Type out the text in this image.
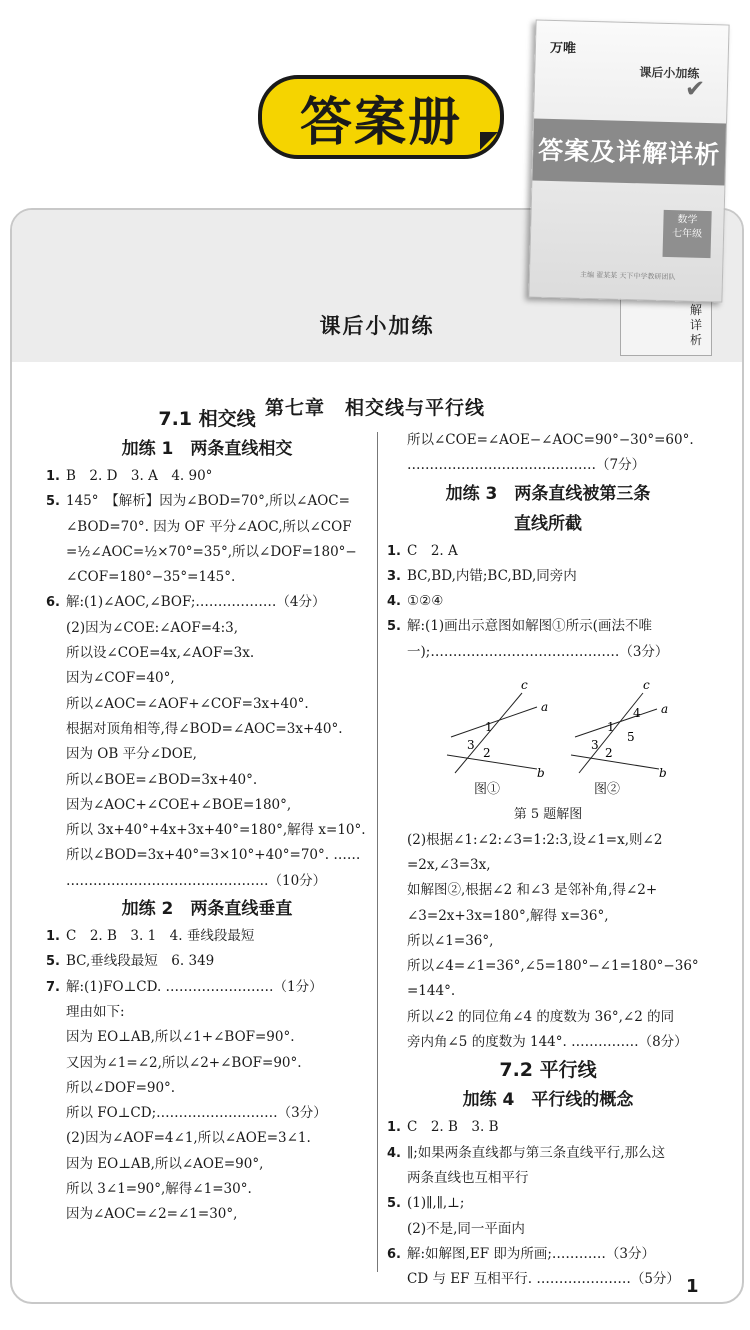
答案册
课后小加练
解
详
析
万唯
课后小加练
✔
答案及详解详析
数学
七年级
主编 翟某某 天下中学教研团队
第七章　相交线与平行线
7.1 相交线
加练 1　两条直线相交
1. B　2. D　3. A　4. 90°
5. 145°　【解析】因为∠BOD=70°,所以∠AOC=
∠BOD=70°. 因为 OF 平分∠AOC,所以∠COF
=½∠AOC=½×70°=35°,所以∠DOF=180°−
∠COF=180°−35°=145°.
6. 解:(1)∠AOC,∠BOF;………………（4分）
(2)因为∠COE:∠AOF=4:3,
所以设∠COE=4x,∠AOF=3x.
因为∠COF=40°,
所以∠AOC=∠AOF+∠COF=3x+40°.
根据对顶角相等,得∠BOD=∠AOC=3x+40°.
因为 OB 平分∠DOE,
所以∠BOE=∠BOD=3x+40°.
因为∠AOC+∠COE+∠BOE=180°,
所以 3x+40°+4x+3x+40°=180°,解得 x=10°.
所以∠BOD=3x+40°=3×10°+40°=70°. ……
………………………………………（10分）
加练 2　两条直线垂直
1. C　2. B　3. 1　4. 垂线段最短
5. BC,垂线段最短　6. 349
7. 解:(1)FO⊥CD. ……………………（1分）
理由如下:
因为 EO⊥AB,所以∠1+∠BOF=90°.
又因为∠1=∠2,所以∠2+∠BOF=90°.
所以∠DOF=90°.
所以 FO⊥CD;………………………（3分）
(2)因为∠AOF=4∠1,所以∠AOE=3∠1.
因为 EO⊥AB,所以∠AOE=90°,
所以 3∠1=90°,解得∠1=30°.
因为∠AOC=∠2=∠1=30°,
所以∠COE=∠AOE−∠AOC=90°−30°=60°.
……………………………………（7分）
加练 3　两条直线被第三条
直线所截
1. C　2. A
3. BC,BD,内错;BC,BD,同旁内
4. ①②④
5. 解:(1)画出示意图如解图①所示(画法不唯
一);……………………………………（3分）
a
b
c
1
2
3
a
b
c
1
2
3
4
5
图①	图②
第 5 题解图
(2)根据∠1:∠2:∠3=1:2:3,设∠1=x,则∠2
=2x,∠3=3x,
如解图②,根据∠2 和∠3 是邻补角,得∠2+
∠3=2x+3x=180°,解得 x=36°,
所以∠1=36°,
所以∠4=∠1=36°,∠5=180°−∠1=180°−36°
=144°.
所以∠2 的同位角∠4 的度数为 36°,∠2 的同
旁内角∠5 的度数为 144°. ……………（8分）
7.2 平行线
加练 4　平行线的概念
1. C　2. B　3. B
4. ∥;如果两条直线都与第三条直线平行,那么这
两条直线也互相平行
5. (1)∥,∥,⊥;
(2)不是,同一平面内
6. 解:如解图,EF 即为所画;…………（3分）
CD 与 EF 互相平行. …………………（5分） 1
